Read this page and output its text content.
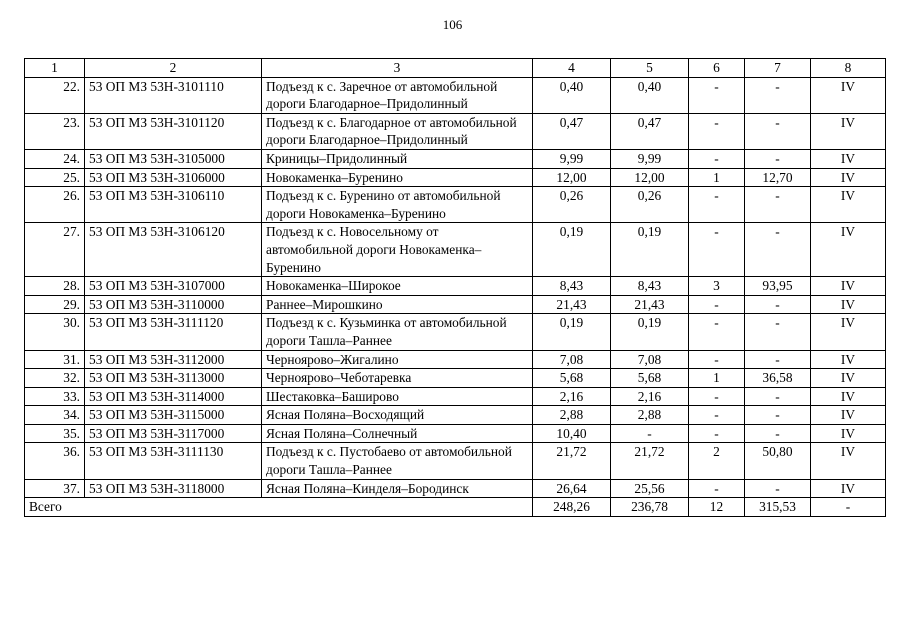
106
1	2	3	4	5	6	7	8
22.	53 ОП МЗ 53Н-3101110	Подъезд к с. Заречное от автомобильной дороги Благодарное–Придолинный	0,40	0,40	-	-	IV
23.	53 ОП МЗ 53Н-3101120	Подъезд к с. Благодарное от автомобильной дороги Благодарное–Придолинный	0,47	0,47	-	-	IV
24.	53 ОП МЗ 53Н-3105000	Криницы–Придолинный	9,99	9,99	-	-	IV
25.	53 ОП МЗ 53Н-3106000	Новокаменка–Буренино	12,00	12,00	1	12,70	IV
26.	53 ОП МЗ 53Н-3106110	Подъезд к с. Буренино от автомобильной дороги Новокаменка–Буренино	0,26	0,26	-	-	IV
27.	53 ОП МЗ 53Н-3106120	Подъезд к с. Новосельному от автомобильной дороги Новокаменка–Буренино	0,19	0,19	-	-	IV
28.	53 ОП МЗ 53Н-3107000	Новокаменка–Широкое	8,43	8,43	3	93,95	IV
29.	53 ОП МЗ 53Н-3110000	Раннее–Мирошкино	21,43	21,43	-	-	IV
30.	53 ОП МЗ 53Н-3111120	Подъезд к с. Кузьминка от автомобильной дороги Ташла–Раннее	0,19	0,19	-	-	IV
31.	53 ОП МЗ 53Н-3112000	Черноярово–Жигалино	7,08	7,08	-	-	IV
32.	53 ОП МЗ 53Н-3113000	Черноярово–Чеботаревка	5,68	5,68	1	36,58	IV
33.	53 ОП МЗ 53Н-3114000	Шестаковка–Баширово	2,16	2,16	-	-	IV
34.	53 ОП МЗ 53Н-3115000	Ясная Поляна–Восходящий	2,88	2,88	-	-	IV
35.	53 ОП МЗ 53Н-3117000	Ясная Поляна–Солнечный	10,40	-	-	-	IV
36.	53 ОП МЗ 53Н-3111130	Подъезд к с. Пустобаево от автомобильной дороги Ташла–Раннее	21,72	21,72	2	50,80	IV
37.	53 ОП МЗ 53Н-3118000	Ясная Поляна–Кинделя–Бородинск	26,64	25,56	-	-	IV
Всего			248,26	236,78	12	315,53	-
